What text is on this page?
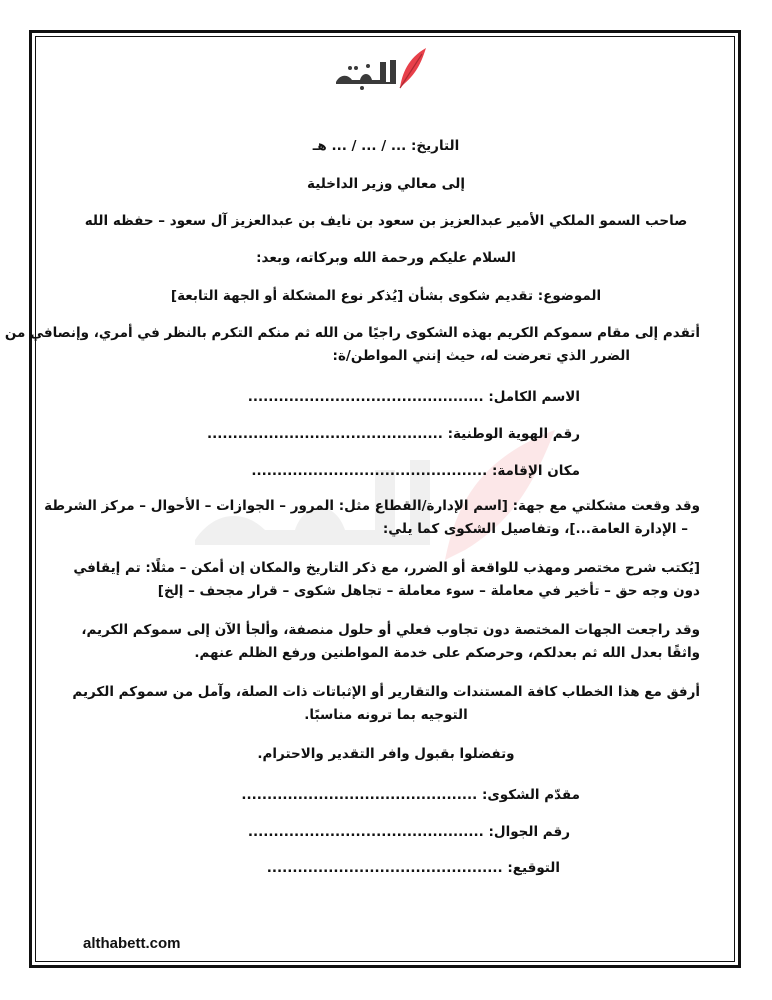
التاريخ: ... / ... / ... هـ
إلى معالي وزير الداخلية
صاحب السمو الملكي الأمير عبدالعزيز بن سعود بن نايف بن عبدالعزيز آل سعود – حفظه الله
السلام عليكم ورحمة الله وبركاته، وبعد:
الموضوع: تقديم شكوى بشأن [يُذكر نوع المشكلة أو الجهة التابعة]
أتقدم إلى مقام سموكم الكريم بهذه الشكوى راجيًا من الله ثم منكم التكرم بالنظر في أمري، وإنصافي من
الضرر الذي تعرضت له، حيث إنني المواطن/ة:
الاسم الكامل: ..............................................
رقم الهوية الوطنية: ..............................................
مكان الإقامة: ..............................................
وقد وقعت مشكلتي مع جهة: [اسم الإدارة/القطاع مثل: المرور – الجوازات – الأحوال – مركز الشرطة
– الإدارة العامة...]، وتفاصيل الشكوى كما يلي:
[يُكتب شرح مختصر ومهذب للواقعة أو الضرر، مع ذكر التاريخ والمكان إن أمكن – مثلًا: تم إيقافي
دون وجه حق – تأخير في معاملة – سوء معاملة – تجاهل شكوى – قرار مجحف – إلخ]
وقد راجعت الجهات المختصة دون تجاوب فعلي أو حلول منصفة، وألجأ الآن إلى سموكم الكريم،
واثقًا بعدل الله ثم بعدلكم، وحرصكم على خدمة المواطنين ورفع الظلم عنهم.
أرفق مع هذا الخطاب كافة المستندات والتقارير أو الإثباتات ذات الصلة، وآمل من سموكم الكريم
التوجيه بما ترونه مناسبًا.
وتفضلوا بقبول وافر التقدير والاحترام.
مقدّم الشكوى: ..............................................
رقم الجوال: ..............................................
التوقيع: ..............................................
althabett.com
